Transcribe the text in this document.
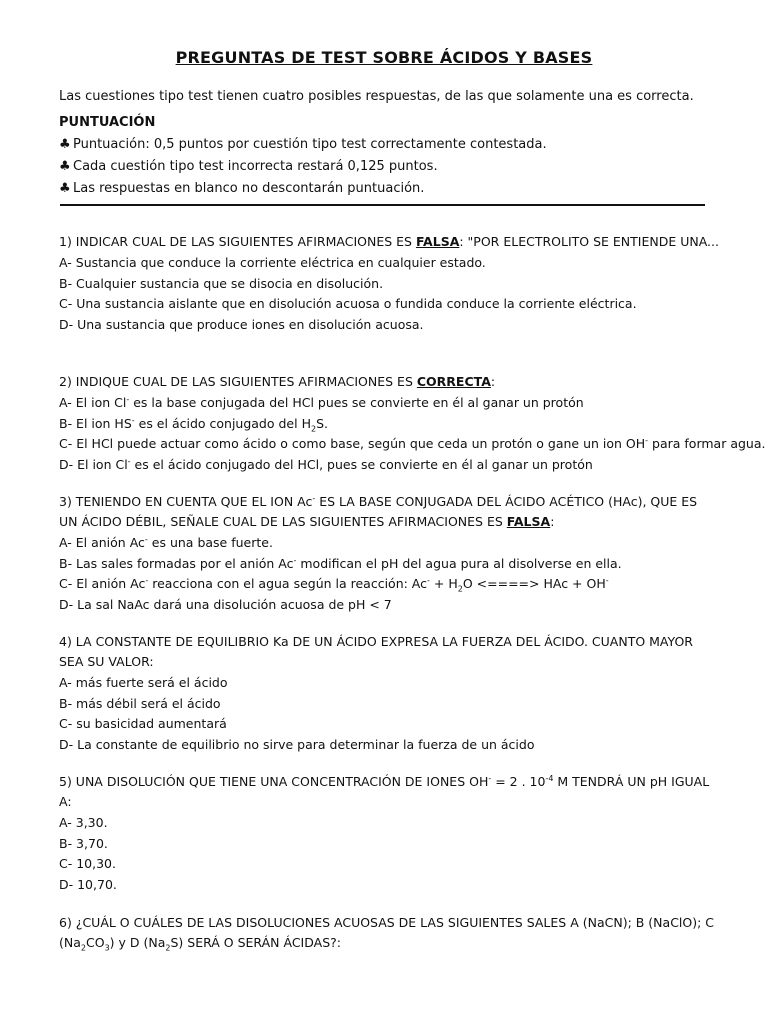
PREGUNTAS DE TEST SOBRE ÁCIDOS Y BASES
Las cuestiones tipo test tienen cuatro posibles respuestas, de las que solamente una es correcta.
PUNTUACIÓN
♣ Puntuación: 0,5 puntos por cuestión tipo test correctamente contestada.
♣ Cada cuestión tipo test incorrecta restará 0,125 puntos.
♣ Las respuestas en blanco no descontarán puntuación.
1) INDICAR CUAL DE LAS SIGUIENTES AFIRMACIONES ES FALSA: "POR ELECTROLITO SE ENTIENDE UNA...
A- Sustancia que conduce la corriente eléctrica en cualquier estado.
B- Cualquier sustancia que se disocia en disolución.
C- Una sustancia aislante que en disolución acuosa o fundida conduce la corriente eléctrica.
D- Una sustancia que produce iones en disolución acuosa.
2) INDIQUE CUAL DE LAS SIGUIENTES AFIRMACIONES ES CORRECTA:
A- El ion Cl- es la base conjugada del HCl pues se convierte en él al ganar un protón
B- El ion HS- es el ácido conjugado del $H_2S$.
C- El HCl puede actuar como ácido o como base, según que ceda un protón o gane un ion OH- para formar agua.
D- El ion Cl- es el ácido conjugado del HCl, pues se convierte en él al ganar un protón
3) TENIENDO EN CUENTA QUE EL ION Ac- ES LA BASE CONJUGADA DEL ÁCIDO ACÉTICO (HAc), QUE ES UN ÁCIDO DÉBIL, SEÑALE CUAL DE LAS SIGUIENTES AFIRMACIONES ES FALSA:
A- El anión Ac- es una base fuerte.
B- Las sales formadas por el anión Ac- modifican el pH del agua pura al disolverse en ella.
C- El anión Ac- reacciona con el agua según la reacción: $Ac^- + H_2O$ <====> HAc + OH-
D- La sal NaAc dará una disolución acuosa de pH < 7
4) LA CONSTANTE DE EQUILIBRIO Ka DE UN ÁCIDO EXPRESA LA FUERZA DEL ÁCIDO. CUANTO MAYOR SEA SU VALOR:
A- más fuerte será el ácido
B- más débil será el ácido
C- su basicidad aumentará
D- La constante de equilibrio no sirve para determinar la fuerza de un ácido
5) UNA DISOLUCIÓN QUE TIENE UNA CONCENTRACIÓN DE IONES OH- = 2 . $10^{-4}$ M TENDRÁ UN pH IGUAL A:
A- 3,30.
B- 3,70.
C- 10,30.
D- 10,70.
6) ¿CUÁL O CUÁLES DE LAS DISOLUCIONES ACUOSAS DE LAS SIGUIENTES SALES A (NaCN); B (NaClO); C $(Na_2CO_3)$ y D $(Na_2S)$ SERÁ O SERÁN ÁCIDAS?:
